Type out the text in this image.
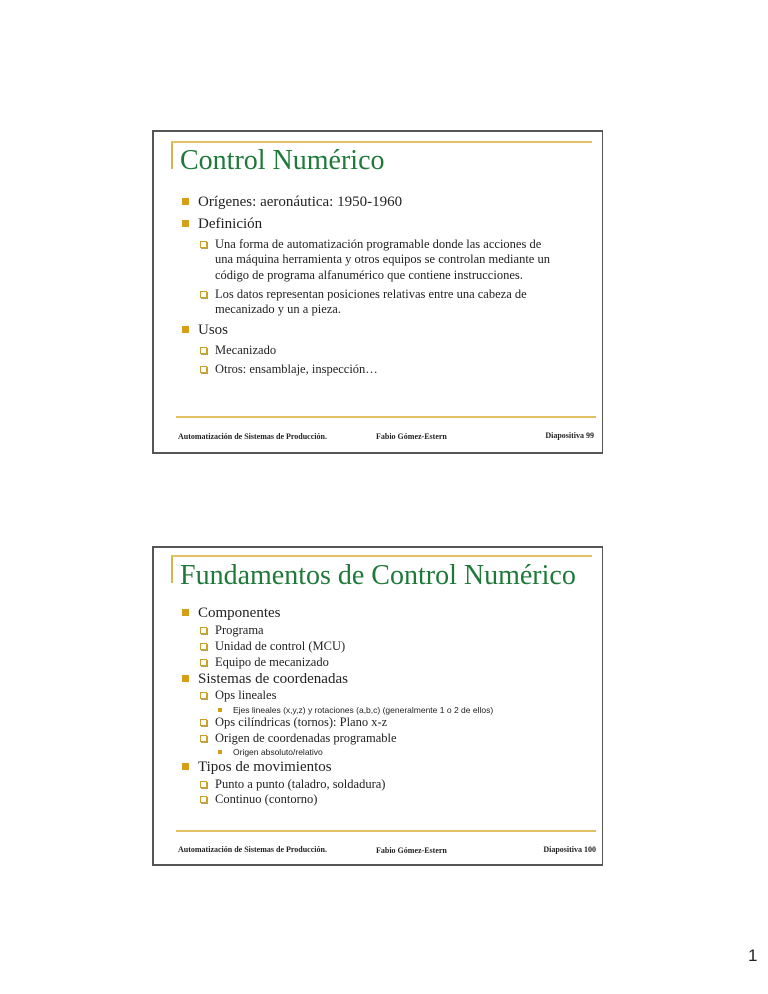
Control Numérico
Orígenes: aeronáutica: 1950-1960
Definición
Una forma de automatización programable donde las acciones de
una máquina herramienta y otros equipos se controlan mediante un
código de programa alfanumérico que contiene instrucciones.
Los datos representan posiciones relativas entre una cabeza de
mecanizado y un a pieza.
Usos
Mecanizado
Otros: ensamblaje, inspección…
Automatización de Sistemas de Producción.	Fabio Gómez-Estern	Diapositiva 99
Fundamentos de Control Numérico
Componentes
Programa
Unidad de control (MCU)
Equipo de mecanizado
Sistemas de coordenadas
Ops lineales
Ejes lineales (x,y,z) y rotaciones (a,b,c) (generalmente 1 o 2 de ellos)
Ops cilíndricas (tornos): Plano x-z
Origen de coordenadas programable
Origen absoluto/relativo
Tipos de movimientos
Punto a punto (taladro, soldadura)
Continuo (contorno)
Automatización de Sistemas de Producción.	Fabio Gómez-Estern	Diapositiva 100
1
